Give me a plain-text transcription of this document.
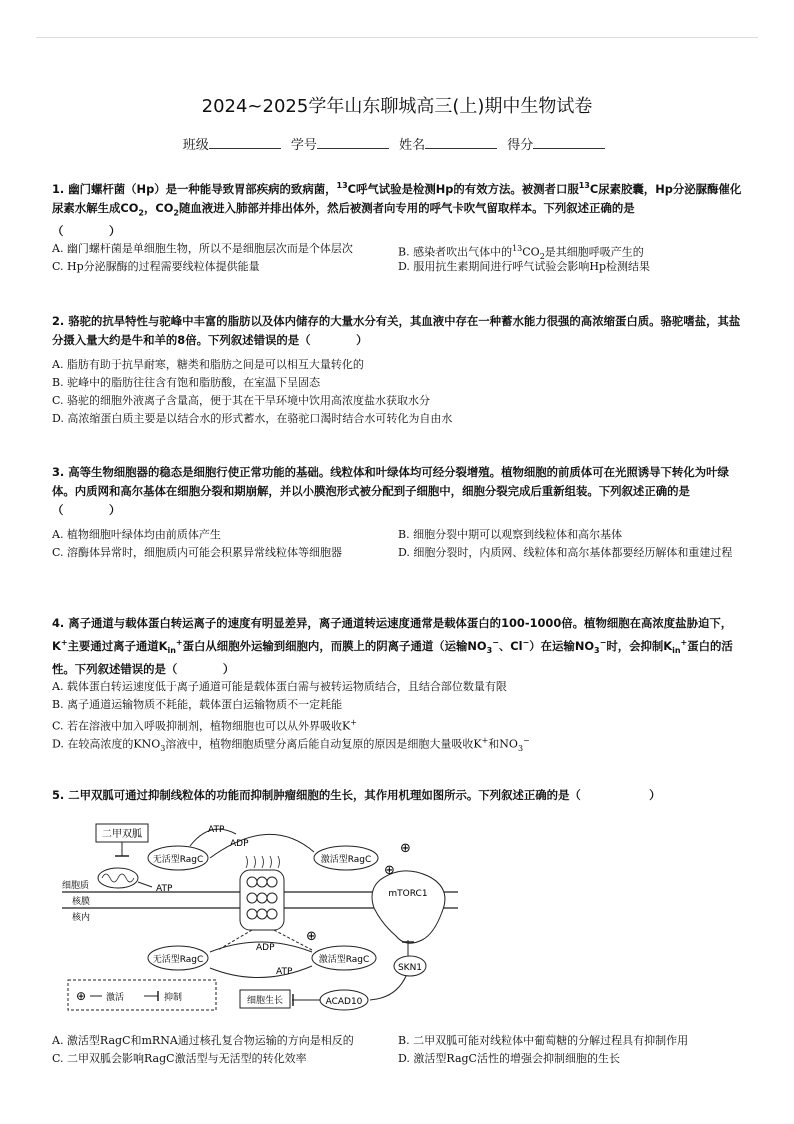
2024~2025学年山东聊城高三(上)期中生物试卷
班级	学号	姓名	得分
1. 幽门螺杆菌（Hp）是一种能导致胃部疾病的致病菌，$^{13}$C呼气试验是检测Hp的有效方法。被测者口服$^{13}$C尿素胶囊，Hp分泌脲酶催化尿素水解生成$CO_2$，$CO_2$随血液进入肺部并排出体外，然后被测者向专用的呼气卡吹气留取样本。下列叙述正确的是
（　　　　）
A. 幽门螺杆菌是单细胞生物，所以不是细胞层次而是个体层次	B. 感染者吹出气体中的$^{13}CO_2$是其细胞呼吸产生的
C. Hp分泌脲酶的过程需要线粒体提供能量	D. 服用抗生素期间进行呼气试验会影响Hp检测结果
2. 骆驼的抗旱特性与驼峰中丰富的脂肪以及体内储存的大量水分有关，其血液中存在一种蓄水能力很强的高浓缩蛋白质。骆驼嗜盐，其盐分摄入量大约是牛和羊的8倍。下列叙述错误的是（　　　　）
A. 脂肪有助于抗旱耐寒，糖类和脂肪之间是可以相互大量转化的
B. 驼峰中的脂肪往往含有饱和脂肪酸，在室温下呈固态
C. 骆驼的细胞外液离子含量高，便于其在干旱环境中饮用高浓度盐水获取水分
D. 高浓缩蛋白质主要是以结合水的形式蓄水，在骆驼口渴时结合水可转化为自由水
3. 高等生物细胞器的稳态是细胞行使正常功能的基础。线粒体和叶绿体均可经分裂增殖。植物细胞的前质体可在光照诱导下转化为叶绿体。内质网和高尔基体在细胞分裂和期崩解，并以小膜泡形式被分配到子细胞中，细胞分裂完成后重新组装。下列叙述正确的是（　　　　）
A. 植物细胞叶绿体均由前质体产生	B. 细胞分裂中期可以观察到线粒体和高尔基体
C. 溶酶体异常时，细胞质内可能会积累异常线粒体等细胞器	D. 细胞分裂时，内质网、线粒体和高尔基体都要经历解体和重建过程
4. 离子通道与载体蛋白转运离子的速度有明显差异，离子通道转运速度通常是载体蛋白的100-1000倍。植物细胞在高浓度盐胁迫下，K+主要通过离子通道$K_{in}^+$蛋白从细胞外运输到细胞内，而膜上的阴离子通道（运输$NO_3^-$、Cl−）在运输$NO_3^-$时，会抑制$K_{in}^+$蛋白的活性。下列叙述错误的是（　　　　）
A. 载体蛋白转运速度低于离子通道可能是载体蛋白需与被转运物质结合，且结合部位数量有限
B. 离子通道运输物质不耗能，载体蛋白运输物质不一定耗能
C. 若在溶液中加入呼吸抑制剂，植物细胞也可以从外界吸收K+
D. 在较高浓度的$KNO_3$溶液中，植物细胞质壁分离后能自动复原的原因是细胞大量吸收K+和$NO_3^-$
5. 二甲双胍可通过抑制线粒体的功能而抑制肿瘤细胞的生长，其作用机理如图所示。下列叙述正确的是（　　　　　　）
二甲双胍
ATP
细胞质
核膜
核内
无活型RagC
ATP
ADP
激活型RagC
⊕
mTORC1
⊕
无活型RagC	激活型RagC
ADP
ATP
⊕
SKN1
ACAD10
细胞生长
⊕ 激活	抑制
A. 激活型RagC和mRNA通过核孔复合物运输的方向是相反的	B. 二甲双胍可能对线粒体中葡萄糖的分解过程具有抑制作用
C. 二甲双胍会影响RagC激活型与无活型的转化效率	D. 激活型RagC活性的增强会抑制细胞的生长
